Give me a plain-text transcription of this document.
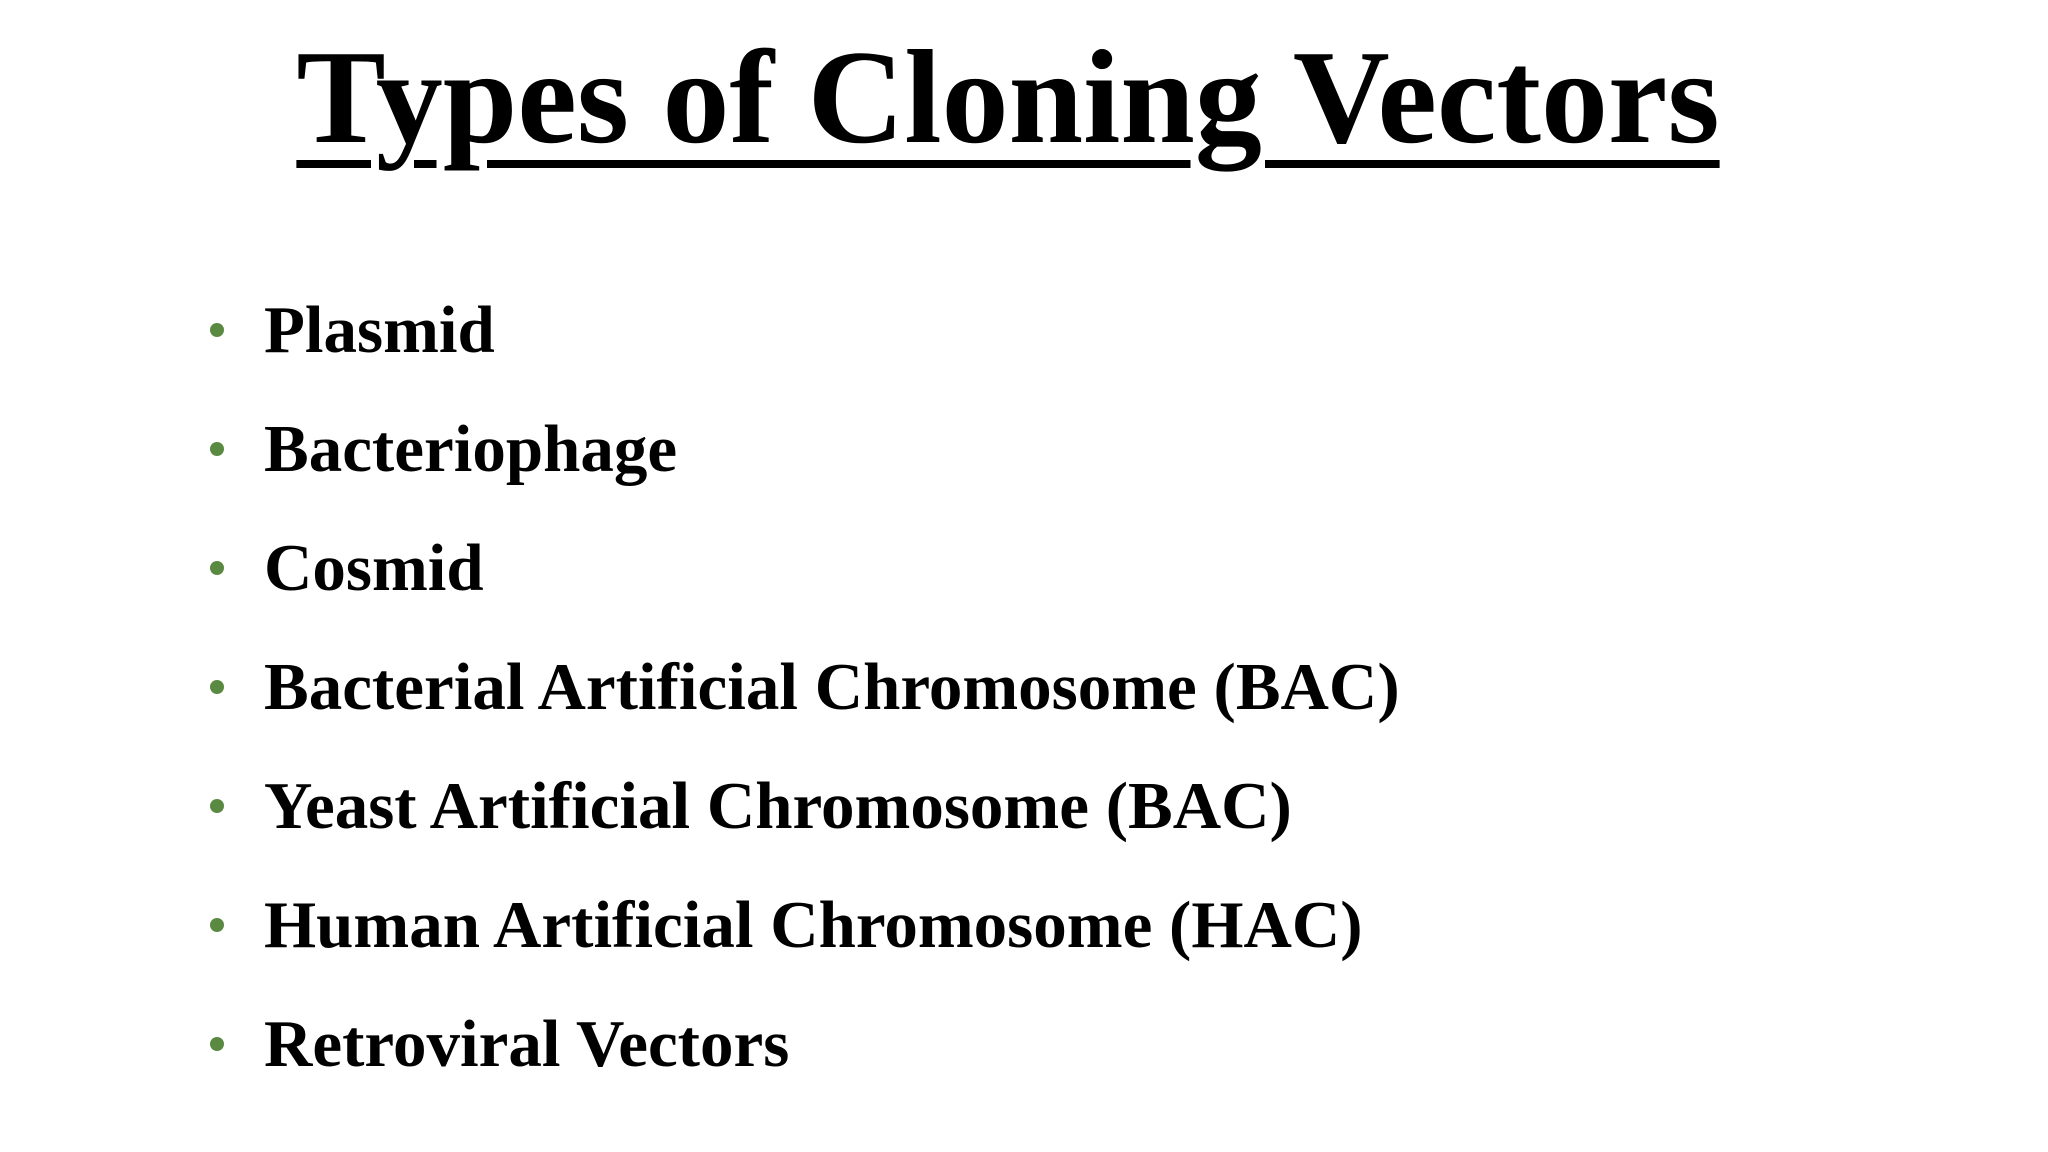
Types of Cloning Vectors
Plasmid
Bacteriophage
Cosmid
Bacterial Artificial Chromosome (BAC)
Yeast Artificial Chromosome (BAC)
Human Artificial Chromosome (HAC)
Retroviral Vectors
